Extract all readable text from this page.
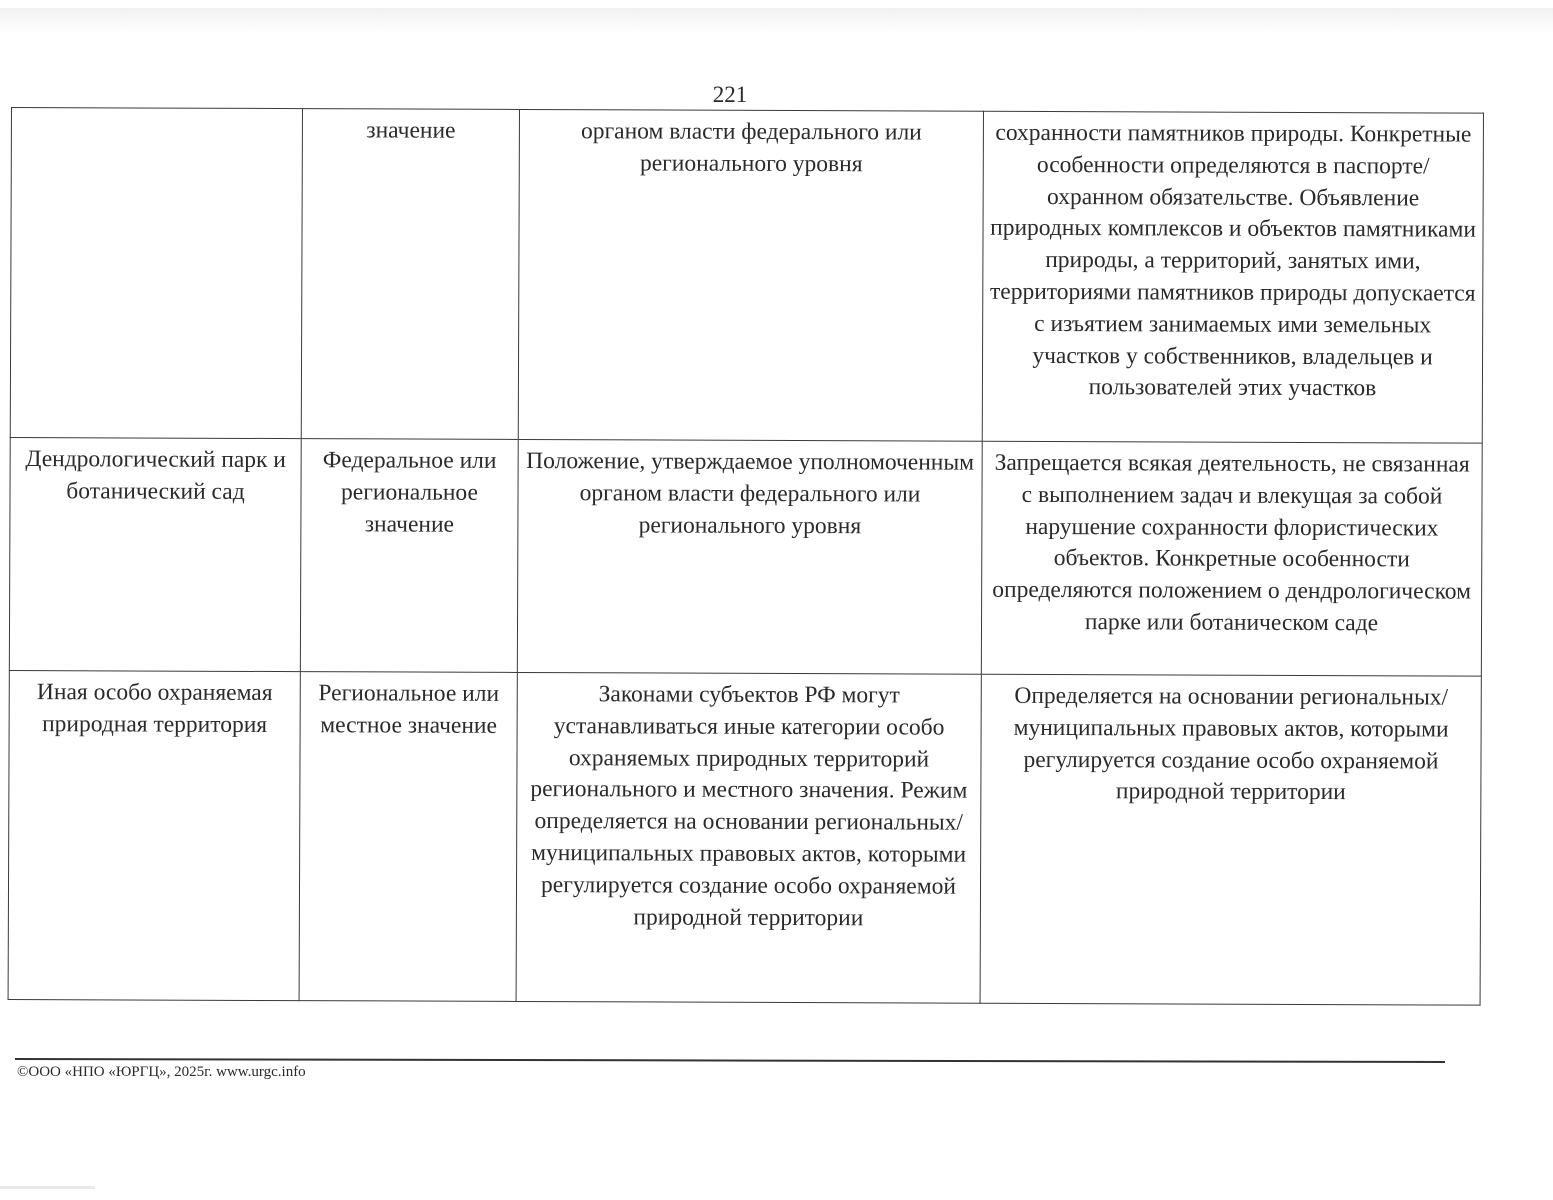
221
	значение	органом власти федерального или регионального уровня	сохранности памятников природы. Конкретные особенности определяются в паспорте/охранном обязательстве. Объявление природных комплексов и объектов памятниками природы, а территорий, занятых ими, территориями памятников природы допускается с изъятием занимаемых ими земельных участков у собственников, владельцев и пользователей этих участков
Дендрологический парк и ботанический сад	Федеральное или региональное значение	Положение, утверждаемое уполномоченным органом власти федерального или регионального уровня	Запрещается всякая деятельность, не связанная с выполнением задач и влекущая за собой нарушение сохранности флористических объектов. Конкретные особенности определяются положением о дендрологическом парке или ботаническом саде
Иная особо охраняемая природная территория	Региональное или местное значение	Законами субъектов РФ могут устанавливаться иные категории особо охраняемых природных территорий регионального и местного значения. Режим определяется на основании региональных/муниципальных правовых актов, которыми регулируется создание особо охраняемой природной территории	Определяется на основании региональных/муниципальных правовых актов, которыми регулируется создание особо охраняемой природной территории
©ООО «НПО «ЮРГЦ», 2025г. www.urgc.info
